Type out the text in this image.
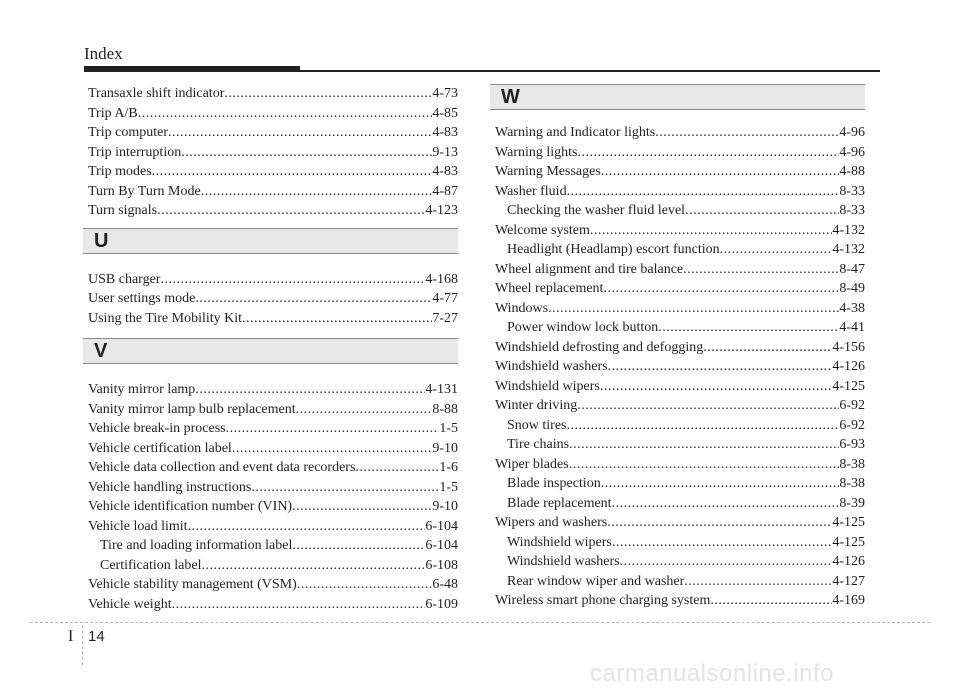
Index
Transaxle shift indicator .....	4-73
Trip A/B .....	4-85
Trip computer .....	4-83
Trip interruption .....	9-13
Trip modes .....	4-83
Turn By Turn Mode .....	4-87
Turn signals .....	4-123
U
USB charger .....	4-168
User settings mode .....	4-77
Using the Tire Mobility Kit .....	7-27
V
Vanity mirror lamp .....	4-131
Vanity mirror lamp bulb replacement .....	8-88
Vehicle break-in process .....	1-5
Vehicle certification label .....	9-10
Vehicle data collection and event data recorders .....	1-6
Vehicle handling instructions .....	1-5
Vehicle identification number (VIN) .....	9-10
Vehicle load limit .....	6-104
Tire and loading information label .....	6-104
Certification label .....	6-108
Vehicle stability management (VSM) .....	6-48
Vehicle weight .....	6-109
W
Warning and Indicator lights .....	4-96
Warning lights .....	4-96
Warning Messages .....	4-88
Washer fluid .....	8-33
Checking the washer fluid level .....	8-33
Welcome system .....	4-132
Headlight (Headlamp) escort function .....	4-132
Wheel alignment and tire balance .....	8-47
Wheel replacement .....	8-49
Windows .....	4-38
Power window lock button .....	4-41
Windshield defrosting and defogging .....	4-156
Windshield washers .....	4-126
Windshield wipers .....	4-125
Winter driving .....	6-92
Snow tires .....	6-92
Tire chains .....	6-93
Wiper blades .....	8-38
Blade inspection .....	8-38
Blade replacement .....	8-39
Wipers and washers .....	4-125
Windshield wipers .....	4-125
Windshield washers .....	4-126
Rear window wiper and washer .....	4-127
Wireless smart phone charging system .....	4-169
I 14
carmanualsonline.info
